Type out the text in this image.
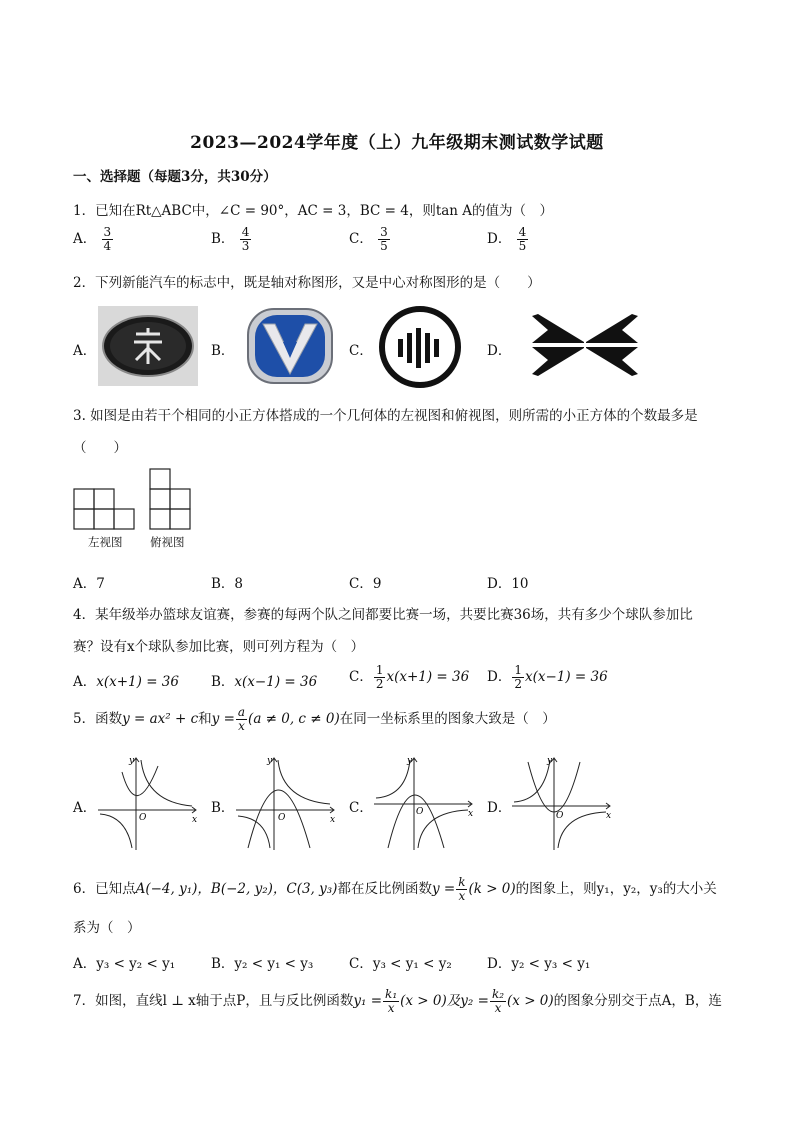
2023—2024学年度（上）九年级期末测试数学试题
一、选择题（每题3分，共30分）
1．已知在Rt△ABC中，∠C = 90°，AC = 3，BC = 4，则tan A的值为（　）
A． $\frac{3}{4}$	B． $\frac{4}{3}$	C． $\frac{3}{5}$	D． $\frac{4}{5}$
2．下列新能汽车的标志中，既是轴对称图形，又是中心对称图形的是（　　）
A．	B．	C．	D．
3. 如图是由若干个相同的小正方体搭成的一个几何体的左视图和俯视图，则所需的小正方体的个数最多是
（　　）
左视图 俯视图
A．7	B．8	C．9	D．10
4．某年级举办篮球友谊赛，参赛的每两个队之间都要比赛一场，共要比赛36场，共有多少个球队参加比
赛？设有x个球队参加比赛，则可列方程为（　）
A．x(x+1) = 36 B．x(x−1) = 36 C． $\frac{1}{2} x(x+1) = 36$ D． $\frac{1}{2} x(x-1) = 36$
5．函数y = ax² + c和$y = \frac{a}{x} (a \ne 0$, c ≠ 0)在同一坐标系里的图象大致是（　）
A．	B．	C．	D．
y
x
O
y
x
O
y
x
O
y
x
O
6．已知点A(−4, y₁)，B(−2, y₂)，C(3, y₃)都在反比例函数$y = \frac{k}{x} (k > 0)$的图象上，则y₁，y₂，y₃的大小关
系为（　）
A．y₃ < y₂ < y₁	B．y₂ < y₁ < y₃	C．y₃ < y₁ < y₂	D．y₂ < y₃ < y₁
7．如图，直线l ⊥ x轴于点P，且与反比例函数$y_1 = \frac{\text{k₁}}{x} (x > 0)$及$y_2 = \frac{\text{k₂}}{x} (x > 0)$的图象分别交于点A，B，连
